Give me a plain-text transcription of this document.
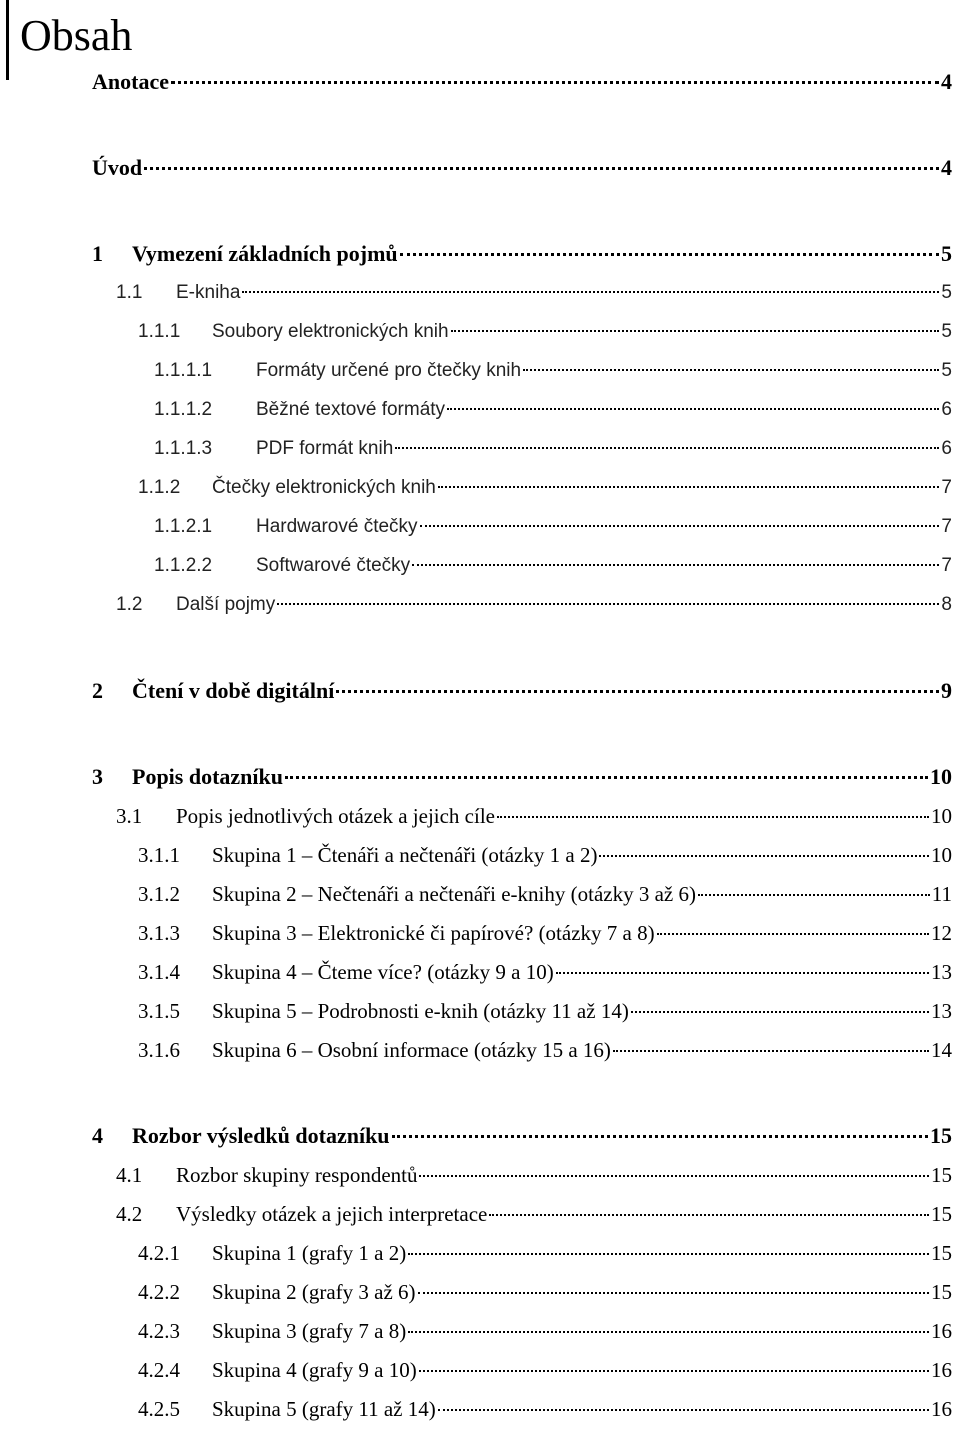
Obsah
Anotace	4
Úvod	4
1	Vymezení základních pojmů	5
1.1	E-kniha	5
1.1.1	Soubory elektronických knih	5
1.1.1.1	Formáty určené pro čtečky knih	5
1.1.1.2	Běžné textové formáty	6
1.1.1.3	PDF formát knih	6
1.1.2	Čtečky elektronických knih	7
1.1.2.1	Hardwarové čtečky	7
1.1.2.2	Softwarové čtečky	7
1.2	Další pojmy	8
2	Čtení v době digitální	9
3	Popis dotazníku	10
3.1	Popis jednotlivých otázek a jejich cíle	10
3.1.1	Skupina 1 – Čtenáři a nečtenáři (otázky 1 a 2)	10
3.1.2	Skupina 2 – Nečtenáři a nečtenáři e-knihy (otázky 3 až 6)	11
3.1.3	Skupina 3 – Elektronické či papírové? (otázky 7 a 8)	12
3.1.4	Skupina 4 – Čteme více? (otázky 9 a 10)	13
3.1.5	Skupina 5 – Podrobnosti e-knih (otázky 11 až 14)	13
3.1.6	Skupina 6 – Osobní informace (otázky 15 a 16)	14
4	Rozbor výsledků dotazníku	15
4.1	Rozbor skupiny respondentů	15
4.2	Výsledky otázek a jejich interpretace	15
4.2.1	Skupina 1 (grafy 1 a 2)	15
4.2.2	Skupina 2 (grafy 3 až 6)	15
4.2.3	Skupina 3 (grafy 7 a 8)	16
4.2.4	Skupina 4 (grafy 9 a 10)	16
4.2.5	Skupina 5 (grafy 11 až 14)	16
